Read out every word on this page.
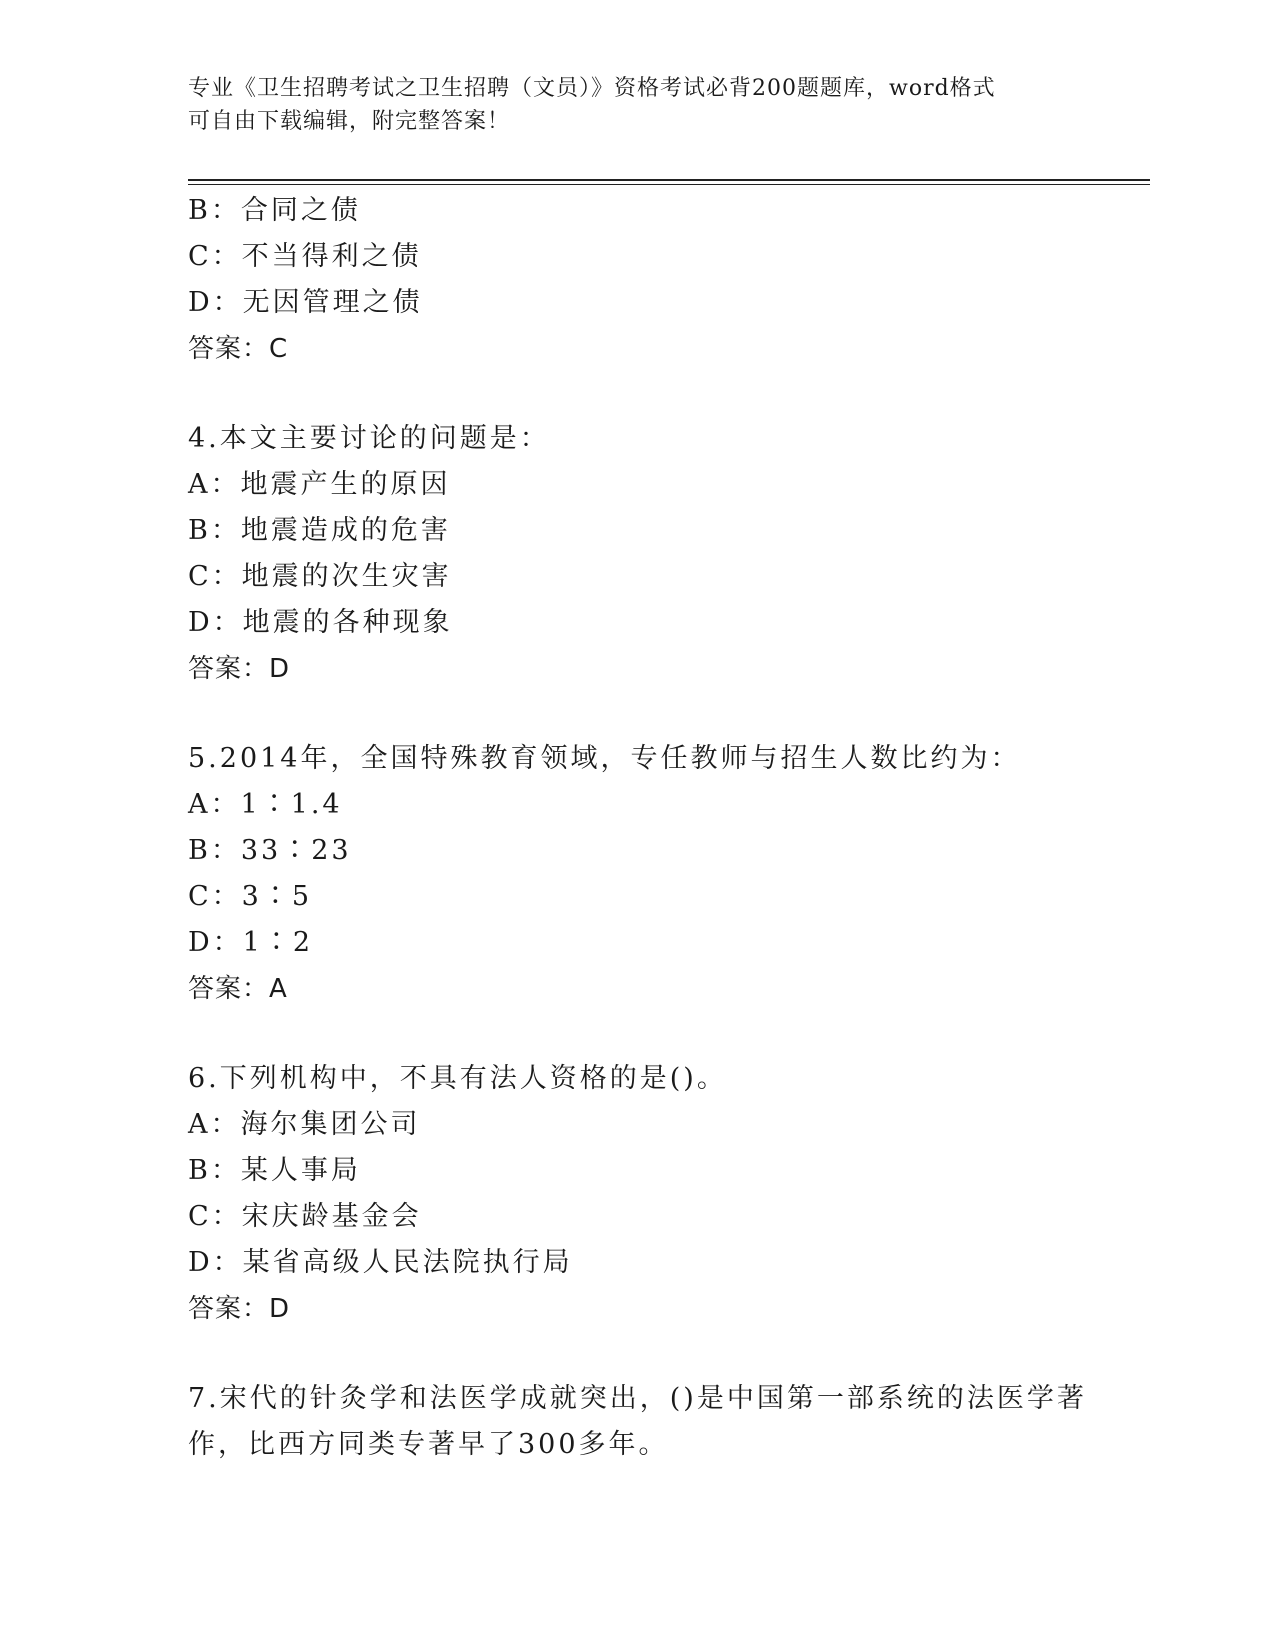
专业《卫生招聘考试之卫生招聘（文员）》资格考试必背200题题库，word格式
可自由下载编辑，附完整答案！
B：合同之债
C：不当得利之债
D：无因管理之债
答案：C
4.本文主要讨论的问题是：
A：地震产生的原因
B：地震造成的危害
C：地震的次生灾害
D：地震的各种现象
答案：D
5.2014年，全国特殊教育领域，专任教师与招生人数比约为：
A：1∶1.4
B：33∶23
C：3∶5
D：1∶2
答案：A
6.下列机构中，不具有法人资格的是()。
A：海尔集团公司
B：某人事局
C：宋庆龄基金会
D：某省高级人民法院执行局
答案：D
7.宋代的针灸学和法医学成就突出，()是中国第一部系统的法医学著
作，比西方同类专著早了300多年。
